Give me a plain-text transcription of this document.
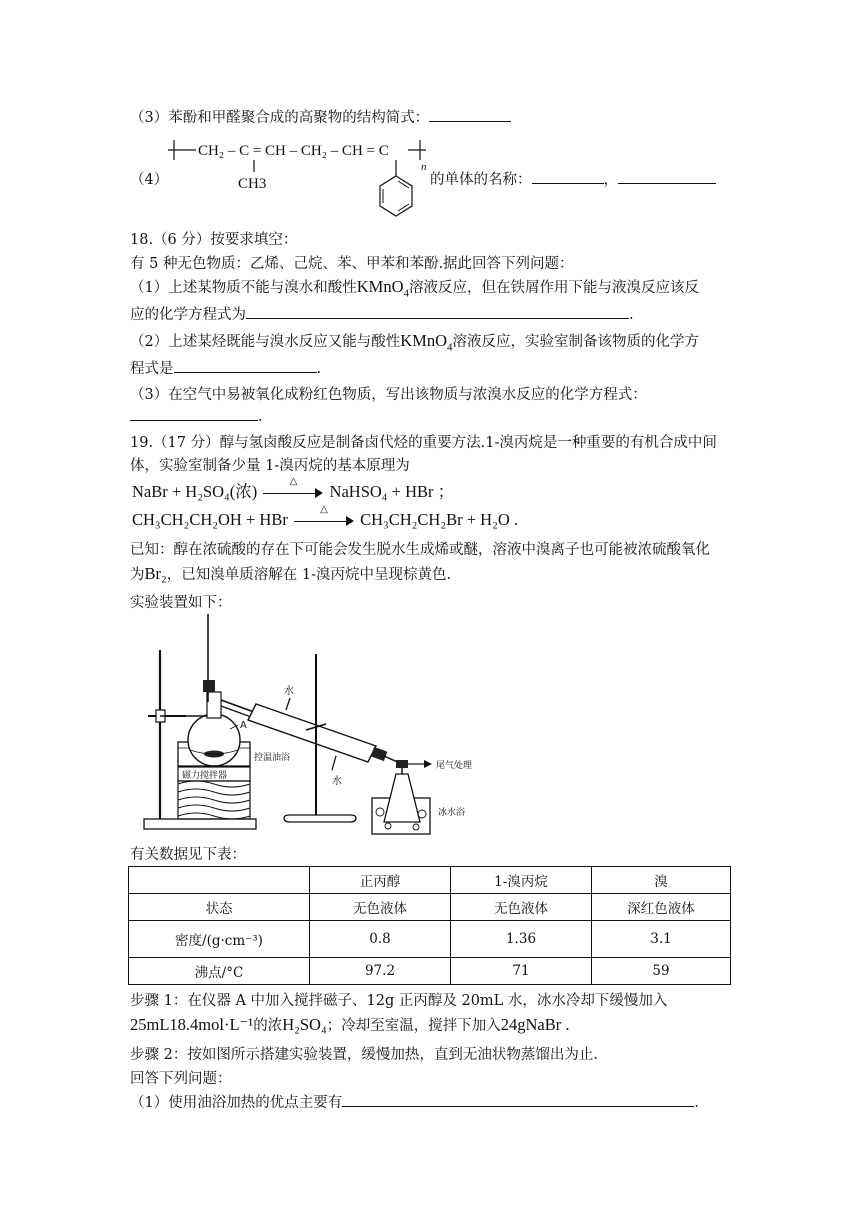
（3）苯酚和甲醛聚合成的高聚物的结构简式：
（4）
CH₂ – C = CH – CH₂ – CH = C
n
CH3	的单体的名称：	，
18.（6 分）按要求填空：
有 5 种无色物质：乙烯、己烷、苯、甲苯和苯酚.据此回答下列问题：
（1）上述某物质不能与溴水和酸性KMnO$_4$溶液反应，但在铁屑作用下能与液溴反应该反
应的化学方程式为	.
（2）上述某烃既能与溴水反应又能与酸性KMnO$_4$溶液反应，实验室制备该物质的化学方
程式是	.
（3）在空气中易被氧化成粉红色物质，写出该物质与浓溴水反应的化学方程式：
.
19.（17 分）醇与氢卤酸反应是制备卤代烃的重要方法.1-溴丙烷是一种重要的有机合成中间
体，实验室制备少量 1-溴丙烷的基本原理为
NaBr + H₂SO₄(浓)
△
NaHSO₄ + HBr ；
CH₃CH₂CH₂OH + HBr
△
CH₃CH₂CH₂Br + H₂O .
已知：醇在浓硫酸的存在下可能会发生脱水生成烯或醚，溶液中溴离子也可能被浓硫酸氧化
为Br₂，已知溴单质溶解在 1-溴丙烷中呈现棕黄色.
实验装置如下：
磁力搅拌器
A
控温油浴
水
水
尾气处理
冰水浴
有关数据见下表：
	正丙醇	1-溴丙烷	溴
状态	无色液体	无色液体	深红色液体
密度/(g·cm⁻³)	0.8	1.36	3.1
沸点/°C	97.2	71	59
步骤 1：在仪器 A 中加入搅拌磁子、12g 正丙醇及 20mL 水，冰水冷却下缓慢加入
25mL18.4mol·L⁻¹的浓H₂SO₄；冷却至室温，搅拌下加入24gNaBr .
步骤 2：按如图所示搭建实验装置，缓慢加热，直到无油状物蒸馏出为止.
回答下列问题：
（1）使用油浴加热的优点主要有	.
